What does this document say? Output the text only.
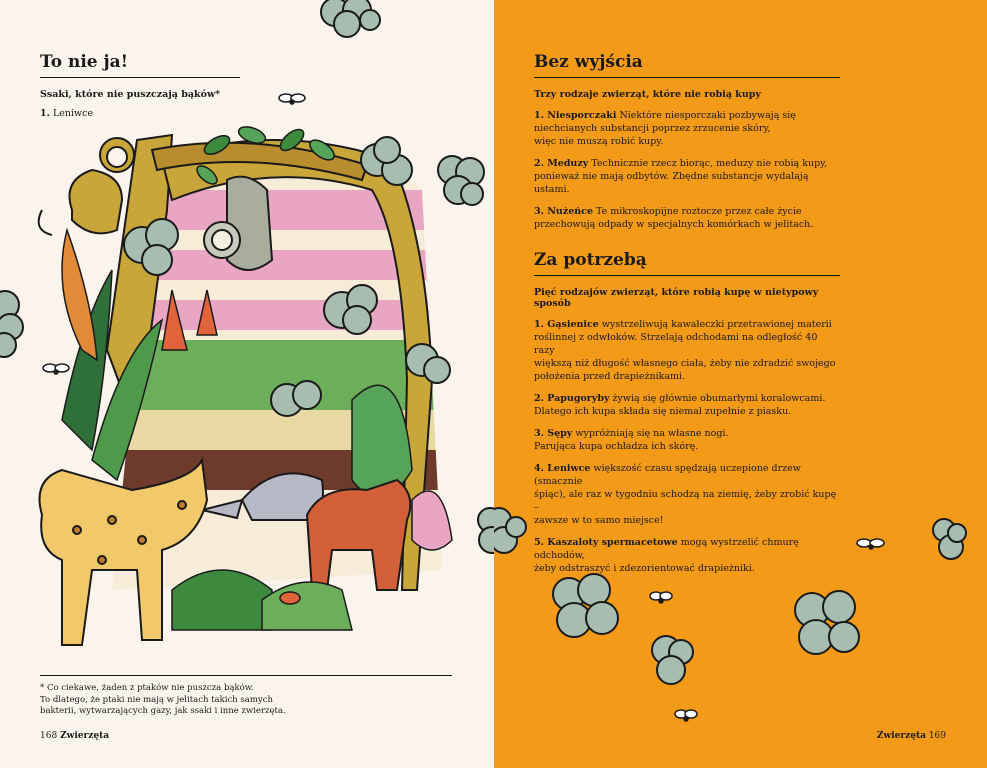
To nie ja!
Ssaki, które nie puszczają bąków*
1. Leniwce
* Co ciekawe, żaden z ptaków nie puszcza bąków.
To dlatego, że ptaki nie mają w jelitach takich samych
bakterii, wytwarzających gazy, jak ssaki i inne zwierzęta.
168 Zwierzęta
Bez wyjścia
Trzy rodzaje zwierząt, które nie robią kupy

1. Niesporczaki Niektóre niesporczaki pozbywają się
niechcianych substancji poprzez zrzucenie skóry,
więc nie muszą robić kupy.

2. Meduzy Technicznie rzecz biorąc, meduzy nie robią kupy,
ponieważ nie mają odbytów. Zbędne substancje wydalają ustami.

3. Nużeńce Te mikroskopijne roztocze przez całe życie
przechowują odpady w specjalnych komórkach w jelitach.

Za potrzebą
Pięć rodzajów zwierząt, które robią kupę w nietypowy sposób

1. Gąsienice wystrzeliwują kawałeczki przetrawionej materii
roślinnej z odwłoków. Strzelają odchodami na odległość 40 razy
większą niż długość własnego ciała, żeby nie zdradzić swojego
położenia przed drapieżnikami.

2. Papugoryby żywią się głównie obumarłymi koralowcami.
Dlatego ich kupa składa się niemal zupełnie z piasku.

3. Sępy wypróżniają się na własne nogi.
Parująca kupa ochładza ich skórę.

4. Leniwce większość czasu spędzają uczepione drzew (smacznie
śpiąc), ale raz w tygodniu schodzą na ziemię, żeby zrobić kupę –
zawsze w to samo miejsce!

5. Kaszaloty spermacetowe mogą wystrzelić chmurę odchodów,
żeby odstraszyć i zdezorientować drapieżniki.

Zwierzęta 169
